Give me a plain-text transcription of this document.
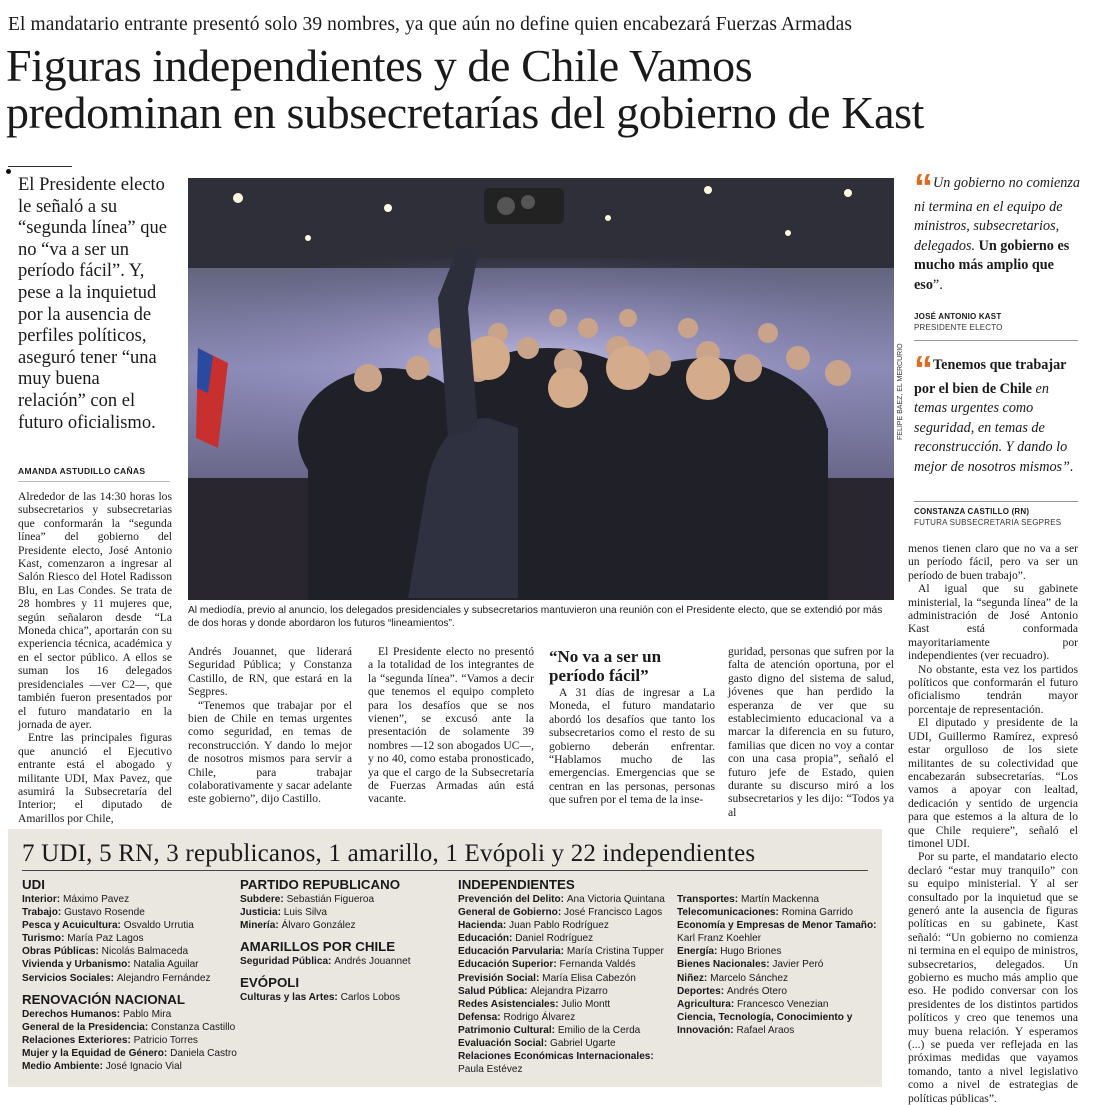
El mandatario entrante presentó solo 39 nombres, ya que aún no define quien encabezará Fuerzas Armadas
Figuras independientes y de Chile Vamos
predominan en subsecretarías del gobierno de Kast
El Presidente electo le señaló a su “segunda línea” que no “va a ser un período fácil”. Y, pese a la inquietud por la ausencia de perfiles políticos, aseguró tener “una muy buena relación” con el futuro oficialismo.
AMANDA ASTUDILLO CAÑAS

Alrededor de las 14:30 horas los subsecretarios y subsecretarias que conformarán la “segunda línea” del gobierno del Presidente electo, José Antonio Kast, comenzaron a ingresar al Salón Riesco del Hotel Radisson Blu, en Las Condes. Se trata de 28 hombres y 11 mujeres que, según señalaron desde “La Moneda chica”, aportarán con su experiencia técnica, académica y en el sector público. A ellos se suman los 16 delegados presidenciales —ver C2—, que también fueron presentados por el futuro mandatario en la jornada de ayer.

Entre las principales figuras que anunció el Ejecutivo entrante está el abogado y militante UDI, Max Pavez, que asumirá la Subsecretaría del Interior; el diputado de Amarillos por Chile,

FELIPE BAEZ, EL MERCURIO
Al mediodía, previo al anuncio, los delegados presidenciales y subsecretarios mantuvieron una reunión con el Presidente electo, que se extendió por más de dos horas y donde abordaron los futuros “lineamientos”.
“ Un gobierno no comienza ni termina en el equipo de ministros, subsecretarios, delegados. Un gobierno es mucho más amplio que eso”.
JOSÉ ANTONIO KAST
PRESIDENTE ELECTO
“ Tenemos que trabajar por el bien de Chile en temas urgentes como seguridad, en temas de reconstrucción. Y dando lo mejor de nosotros mismos”.
CONSTANZA CASTILLO (RN)
FUTURA SUBSECRETARIA SEGPRES

Andrés Jouannet, que liderará Seguridad Pública; y Constanza Castillo, de RN, que estará en la Segpres.

“Tenemos que trabajar por el bien de Chile en temas urgentes como seguridad, en temas de reconstrucción. Y dando lo mejor de nosotros mismos para servir a Chile, para trabajar colaborativamente y sacar adelante este gobierno”, dijo Castillo.

El Presidente electo no presentó a la totalidad de los integrantes de la “segunda línea”. “Vamos a decir que tenemos el equipo completo para los desafíos que se nos vienen”, se excusó ante la presentación de solamente 39 nombres —12 son abogados UC—, y no 40, como estaba pronosticado, ya que el cargo de la Subsecretaría de Fuerzas Armadas aún está vacante.

“No va a ser un período fácil”

A 31 días de ingresar a La Moneda, el futuro mandatario abordó los desafíos que tanto los subsecretarios como el resto de su gobierno deberán enfrentar. “Hablamos mucho de las emergencias. Emergencias que se centran en las personas, personas que sufren por el tema de la inse-

guridad, personas que sufren por la falta de atención oportuna, por el gasto digno del sistema de salud, jóvenes que han perdido la esperanza de ver que su establecimiento educacional va a marcar la diferencia en su futuro, familias que dicen no voy a contar con una casa propia”, señaló el futuro jefe de Estado, quien durante su discurso miró a los subsecretarios y les dijo: “Todos ya al

menos tienen claro que no va a ser un período fácil, pero va ser un período de buen trabajo”.

Al igual que su gabinete ministerial, la “segunda línea” de la administración de José Antonio Kast está conformada mayoritariamente por independientes (ver recuadro).

No obstante, esta vez los partidos políticos que conformarán el futuro oficialismo tendrán mayor porcentaje de representación.

El diputado y presidente de la UDI, Guillermo Ramírez, expresó estar orgulloso de los siete militantes de su colectividad que encabezarán subsecretarías. “Los vamos a apoyar con lealtad, dedicación y sentido de urgencia para que estemos a la altura de lo que Chile requiere”, señaló el timonel UDI.

Por su parte, el mandatario electo declaró “estar muy tranquilo” con su equipo ministerial. Y al ser consultado por la inquietud que se generó ante la ausencia de figuras políticas en su gabinete, Kast señaló: “Un gobierno no comienza ni termina en el equipo de ministros, subsecretarios, delegados. Un gobierno es mucho más amplio que eso. He podido conversar con los presidentes de los distintos partidos políticos y creo que tenemos una muy buena relación. Y esperamos (...) se pueda ver reflejada en las próximas medidas que vayamos tomando, tanto a nivel legislativo como a nivel de estrategias de políticas públicas”.

7 UDI, 5 RN, 3 republicanos, 1 amarillo, 1 Evópoli y 22 independientes
UDI
Interior: Máximo Pavez
Trabajo: Gustavo Rosende
Pesca y Acuicultura: Osvaldo Urrutia
Turismo: María Paz Lagos
Obras Públicas: Nicolás Balmaceda
Vivienda y Urbanismo: Natalia Aguilar
Servicios Sociales: Alejandro Fernández
RENOVACIÓN NACIONAL
Derechos Humanos: Pablo Mira
General de la Presidencia: Constanza Castillo
Relaciones Exteriores: Patricio Torres
Mujer y la Equidad de Género: Daniela Castro
Medio Ambiente: José Ignacio Vial
PARTIDO REPUBLICANO
Subdere: Sebastián Figueroa
Justicia: Luis Silva
Minería: Álvaro González
AMARILLOS POR CHILE
Seguridad Pública: Andrés Jouannet
EVÓPOLI
Culturas y las Artes: Carlos Lobos
INDEPENDIENTES
Prevención del Delito: Ana Victoria Quintana
General de Gobierno: José Francisco Lagos
Hacienda: Juan Pablo Rodríguez
Educación: Daniel Rodríguez
Educación Parvularia: María Cristina Tupper
Educación Superior: Fernanda Valdés
Previsión Social: María Elisa Cabezón
Salud Pública: Alejandra Pizarro
Redes Asistenciales: Julio Montt
Defensa: Rodrigo Álvarez
Patrimonio Cultural: Emilio de la Cerda
Evaluación Social: Gabriel Ugarte
Relaciones Económicas Internacionales: Paula Estévez
Transportes: Martín Mackenna
Telecomunicaciones: Romina Garrido
Economía y Empresas de Menor Tamaño: Karl Franz Koehler
Energía: Hugo Briones
Bienes Nacionales: Javier Peró
Niñez: Marcelo Sánchez
Deportes: Andrés Otero
Agricultura: Francesco Venezian
Ciencia, Tecnología, Conocimiento y Innovación: Rafael Araos
